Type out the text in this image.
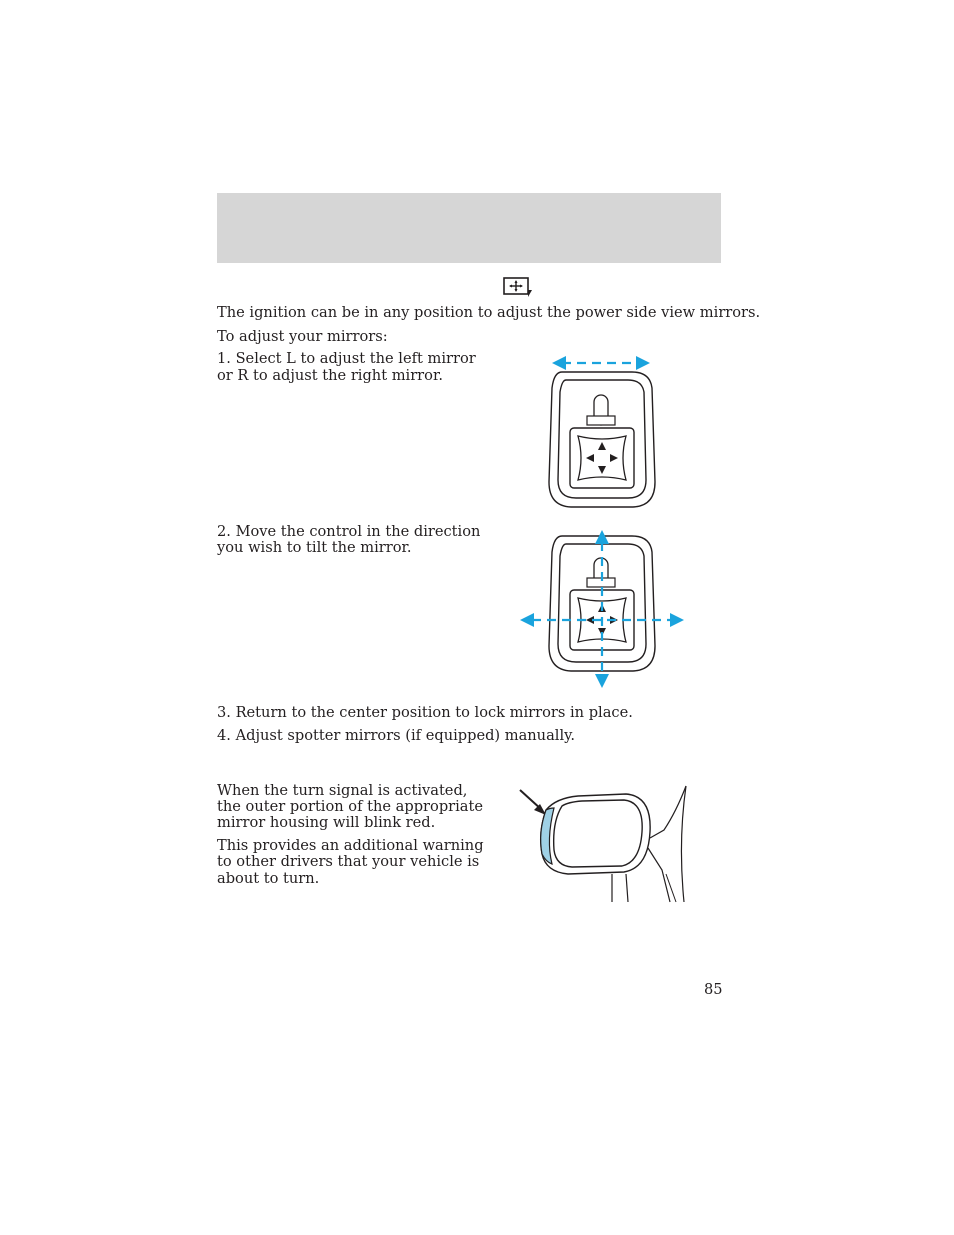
The ignition can be in any position to adjust the power side view mirrors.

To adjust your mirrors:

1. Select L to adjust the left mirror

or R to adjust the right mirror.

2. Move the control in the direction

you wish to tilt the mirror.

3. Return to the center position to lock mirrors in place.

4. Adjust spotter mirrors (if equipped) manually.

When the turn signal is activated,

the outer portion of the appropriate

mirror housing will blink red.

This provides an additional warning

to other drivers that your vehicle is

about to turn.

85
